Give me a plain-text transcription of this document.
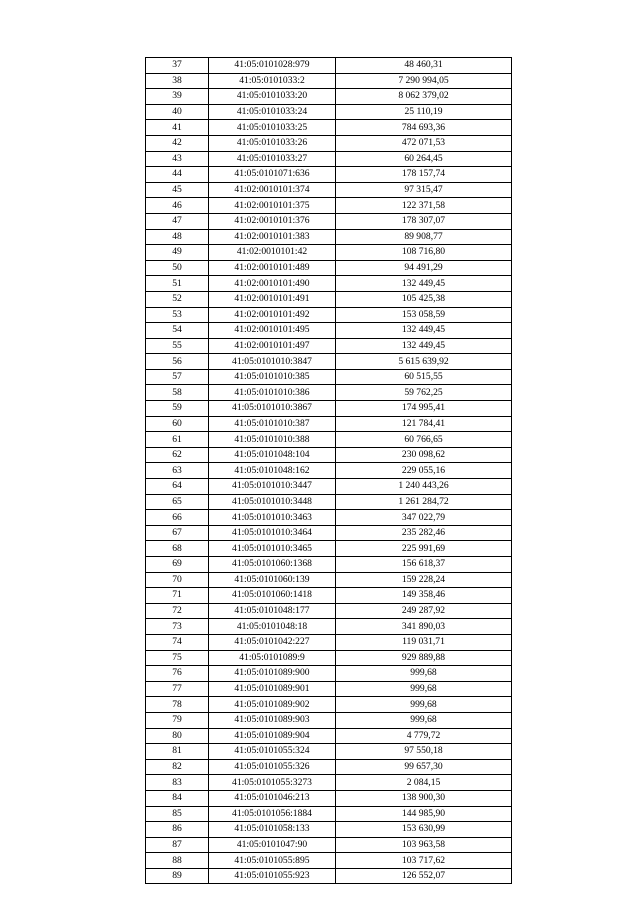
37	41:05:0101028:979	48 460,31
38	41:05:0101033:2	7 290 994,05
39	41:05:0101033:20	8 062 379,02
40	41:05:0101033:24	25 110,19
41	41:05:0101033:25	784 693,36
42	41:05:0101033:26	472 071,53
43	41:05:0101033:27	60 264,45
44	41:05:0101071:636	178 157,74
45	41:02:0010101:374	97 315,47
46	41:02:0010101:375	122 371,58
47	41:02:0010101:376	178 307,07
48	41:02:0010101:383	89 908,77
49	41:02:0010101:42	108 716,80
50	41:02:0010101:489	94 491,29
51	41:02:0010101:490	132 449,45
52	41:02:0010101:491	105 425,38
53	41:02:0010101:492	153 058,59
54	41:02:0010101:495	132 449,45
55	41:02:0010101:497	132 449,45
56	41:05:0101010:3847	5 615 639,92
57	41:05:0101010:385	60 515,55
58	41:05:0101010:386	59 762,25
59	41:05:0101010:3867	174 995,41
60	41:05:0101010:387	121 784,41
61	41:05:0101010:388	60 766,65
62	41:05:0101048:104	230 098,62
63	41:05:0101048:162	229 055,16
64	41:05:0101010:3447	1 240 443,26
65	41:05:0101010:3448	1 261 284,72
66	41:05:0101010:3463	347 022,79
67	41:05:0101010:3464	235 282,46
68	41:05:0101010:3465	225 991,69
69	41:05:0101060:1368	156 618,37
70	41:05:0101060:139	159 228,24
71	41:05:0101060:1418	149 358,46
72	41:05:0101048:177	249 287,92
73	41:05:0101048:18	341 890,03
74	41:05:0101042:227	119 031,71
75	41:05:0101089:9	929 889,88
76	41:05:0101089:900	999,68
77	41:05:0101089:901	999,68
78	41:05:0101089:902	999,68
79	41:05:0101089:903	999,68
80	41:05:0101089:904	4 779,72
81	41:05:0101055:324	97 550,18
82	41:05:0101055:326	99 657,30
83	41:05:0101055:3273	2 084,15
84	41:05:0101046:213	138 900,30
85	41:05:0101056:1884	144 985,90
86	41:05:0101058:133	153 630,99
87	41:05:0101047:90	103 963,58
88	41:05:0101055:895	103 717,62
89	41:05:0101055:923	126 552,07
